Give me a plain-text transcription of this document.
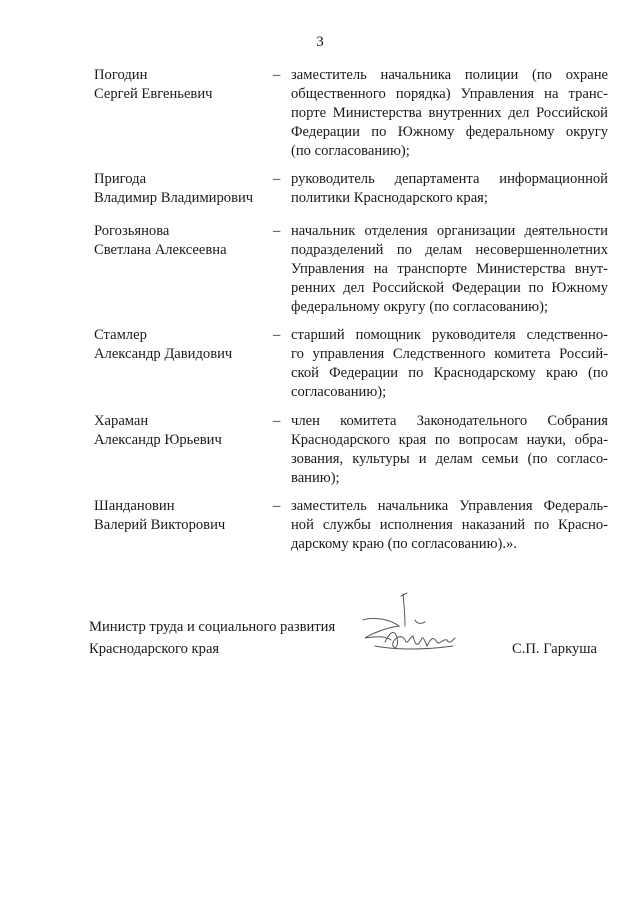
3
Погодин
Сергей Евгеньевич
– заместитель начальника полиции (по охране
общественного порядка) Управления на транс-
порте Министерства внутренних дел Российской
Федерации по Южному федеральному округу
(по согласованию);
Пригода
Владимир Владимирович
– руководитель департамента информационной
политики Краснодарского края;
Рогозьянова
Светлана Алексеевна
– начальник отделения организации деятельности
подразделений по делам несовершеннолетних
Управления на транспорте Министерства внут-
ренних дел Российской Федерации по Южному
федеральному округу (по согласованию);
Стамлер
Александр Давидович
– старший помощник руководителя следственно-
го управления Следственного комитета Россий-
ской Федерации по Краснодарскому краю (по
согласованию);
Хараман
Александр Юрьевич
– член комитета Законодательного Собрания
Краснодарского края по вопросам науки, обра-
зования, культуры и делам семьи (по согласо-
ванию);
Шандановин
Валерий Викторович
– заместитель начальника Управления Федераль-
ной службы исполнения наказаний по Красно-
дарскому краю (по согласованию).».
Министр труда и социального развития
Краснодарского края	С.П. Гаркуша
